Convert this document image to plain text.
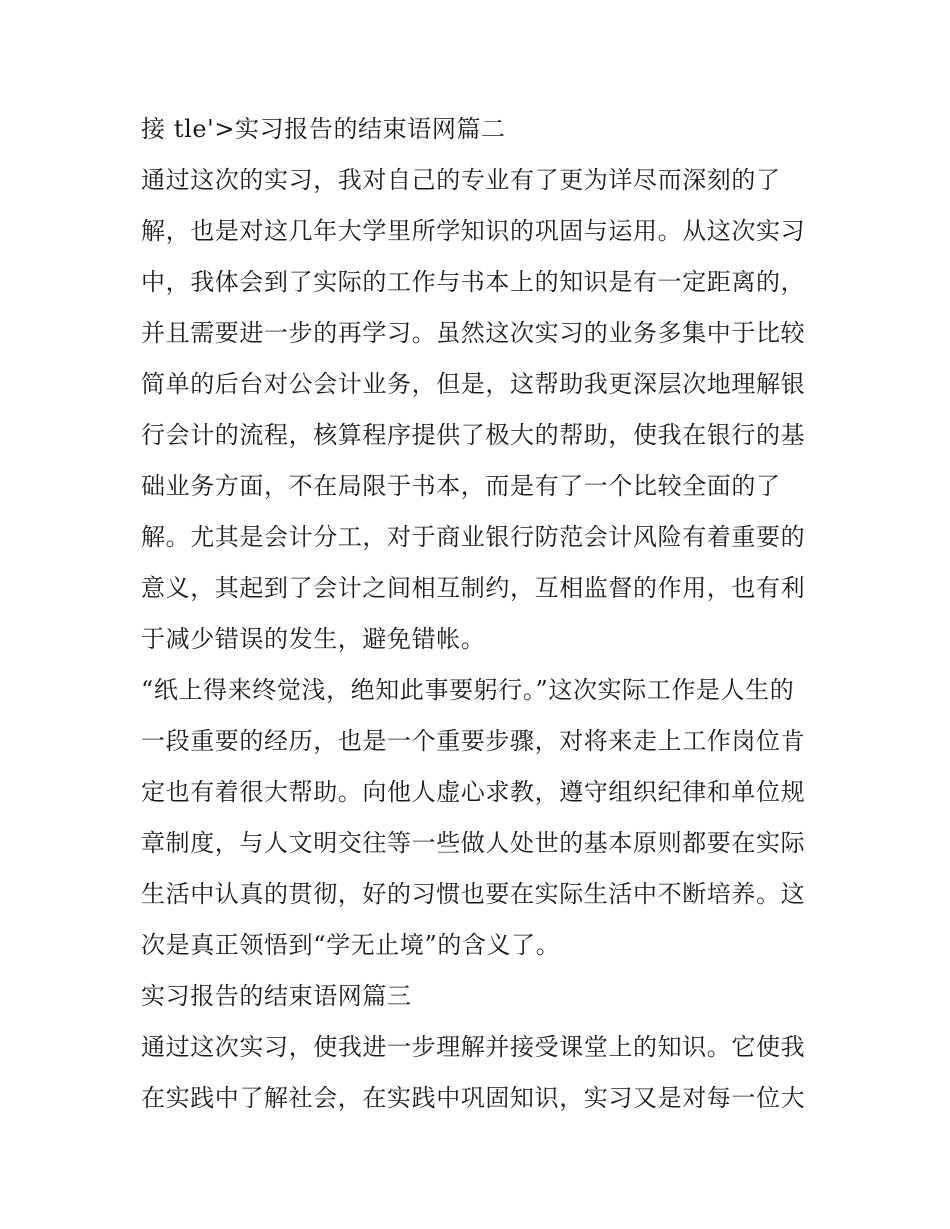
接 tle'>实习报告的结束语网篇二
通过这次的实习，我对自己的专业有了更为详尽而深刻的了
解，也是对这几年大学里所学知识的巩固与运用。从这次实习
中，我体会到了实际的工作与书本上的知识是有一定距离的，
并且需要进一步的再学习。虽然这次实习的业务多集中于比较
简单的后台对公会计业务，但是，这帮助我更深层次地理解银
行会计的流程，核算程序提供了极大的帮助，使我在银行的基
础业务方面，不在局限于书本，而是有了一个比较全面的了
解。尤其是会计分工，对于商业银行防范会计风险有着重要的
意义，其起到了会计之间相互制约，互相监督的作用，也有利
于减少错误的发生，避免错帐。
“纸上得来终觉浅，绝知此事要躬行。”这次实际工作是人生的
一段重要的经历，也是一个重要步骤，对将来走上工作岗位肯
定也有着很大帮助。向他人虚心求教，遵守组织纪律和单位规
章制度，与人文明交往等一些做人处世的基本原则都要在实际
生活中认真的贯彻，好的习惯也要在实际生活中不断培养。这
次是真正领悟到“学无止境”的含义了。
实习报告的结束语网篇三
通过这次实习，使我进一步理解并接受课堂上的知识。它使我
在实践中了解社会，在实践中巩固知识，实习又是对每一位大
